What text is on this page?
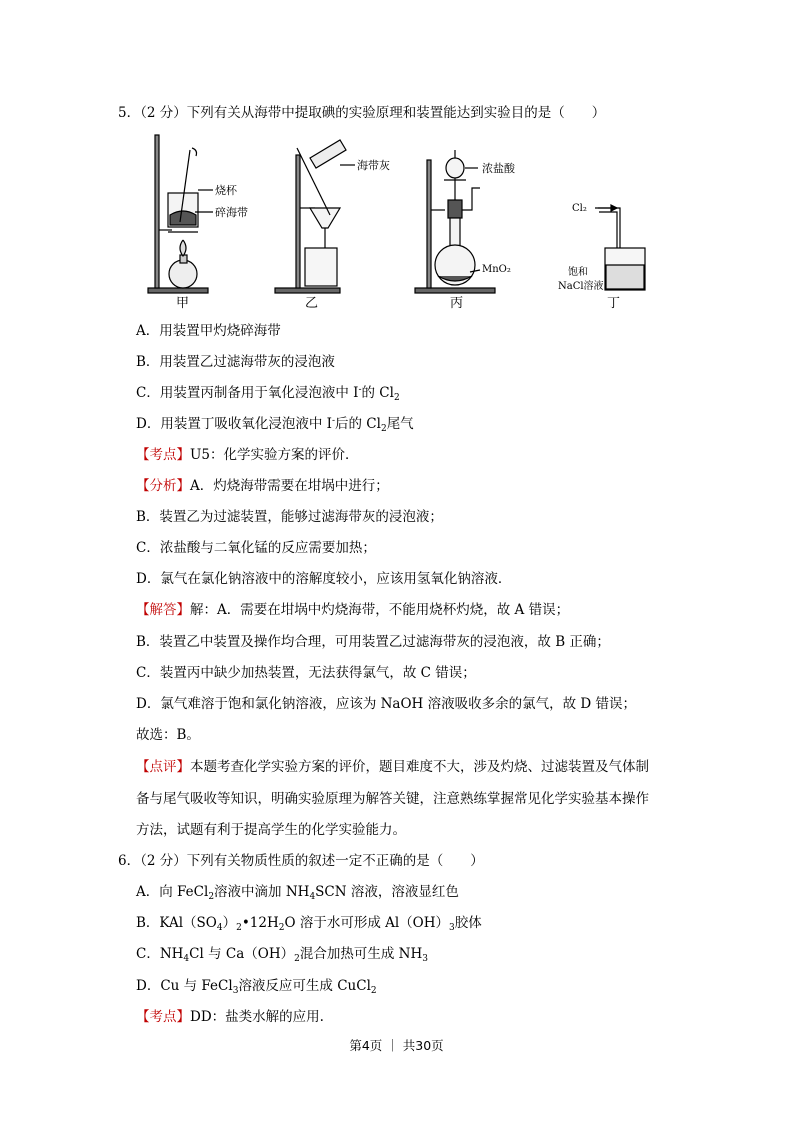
5．（2 分）下列有关从海带中提取碘的实验原理和装置能达到实验目的是（　　）
烧杯
碎海带
海带灰	浓盐酸
MnO₂
Cl₂
饱和
NaCl溶液
甲	乙	丙	丁
A．用装置甲灼烧碎海带
B．用装置乙过滤海带灰的浸泡液
C．用装置丙制备用于氧化浸泡液中 I-的 $Cl_2$
D．用装置丁吸收氧化浸泡液中 I-后的 $Cl_2$尾气
【考点】U5：化学实验方案的评价．
【分析】A．灼烧海带需要在坩埚中进行；
B．装置乙为过滤装置，能够过滤海带灰的浸泡液；
C．浓盐酸与二氧化锰的反应需要加热；
D．氯气在氯化钠溶液中的溶解度较小，应该用氢氧化钠溶液．
【解答】解：A．需要在坩埚中灼烧海带，不能用烧杯灼烧，故 A 错误；
B．装置乙中装置及操作均合理，可用装置乙过滤海带灰的浸泡液，故 B 正确；
C．装置丙中缺少加热装置，无法获得氯气，故 C 错误；
D．氯气难溶于饱和氯化钠溶液，应该为 NaOH 溶液吸收多余的氯气，故 D 错误；
故选：B。
【点评】本题考查化学实验方案的评价，题目难度不大，涉及灼烧、过滤装置及气体制
备与尾气吸收等知识，明确实验原理为解答关键，注意熟练掌握常见化学实验基本操作
方法，试题有利于提高学生的化学实验能力。
6．（2 分）下列有关物质性质的叙述一定不正确的是（　　）
A．向 FeCl$_2$溶液中滴加 $NH_4SCN$ 溶液，溶液显红色
B．$KAl(SO_4)_2•12H_2O$ 溶于水可形成 $Al(OH)_3$胶体
C．$NH_4Cl$ 与 $Ca(OH)_2$混合加热可生成 $NH_3$
D．Cu 与 FeCl$_3$溶液反应可生成 CuCl$_2$
【考点】DD：盐类水解的应用.
第4页 ｜ 共30页
